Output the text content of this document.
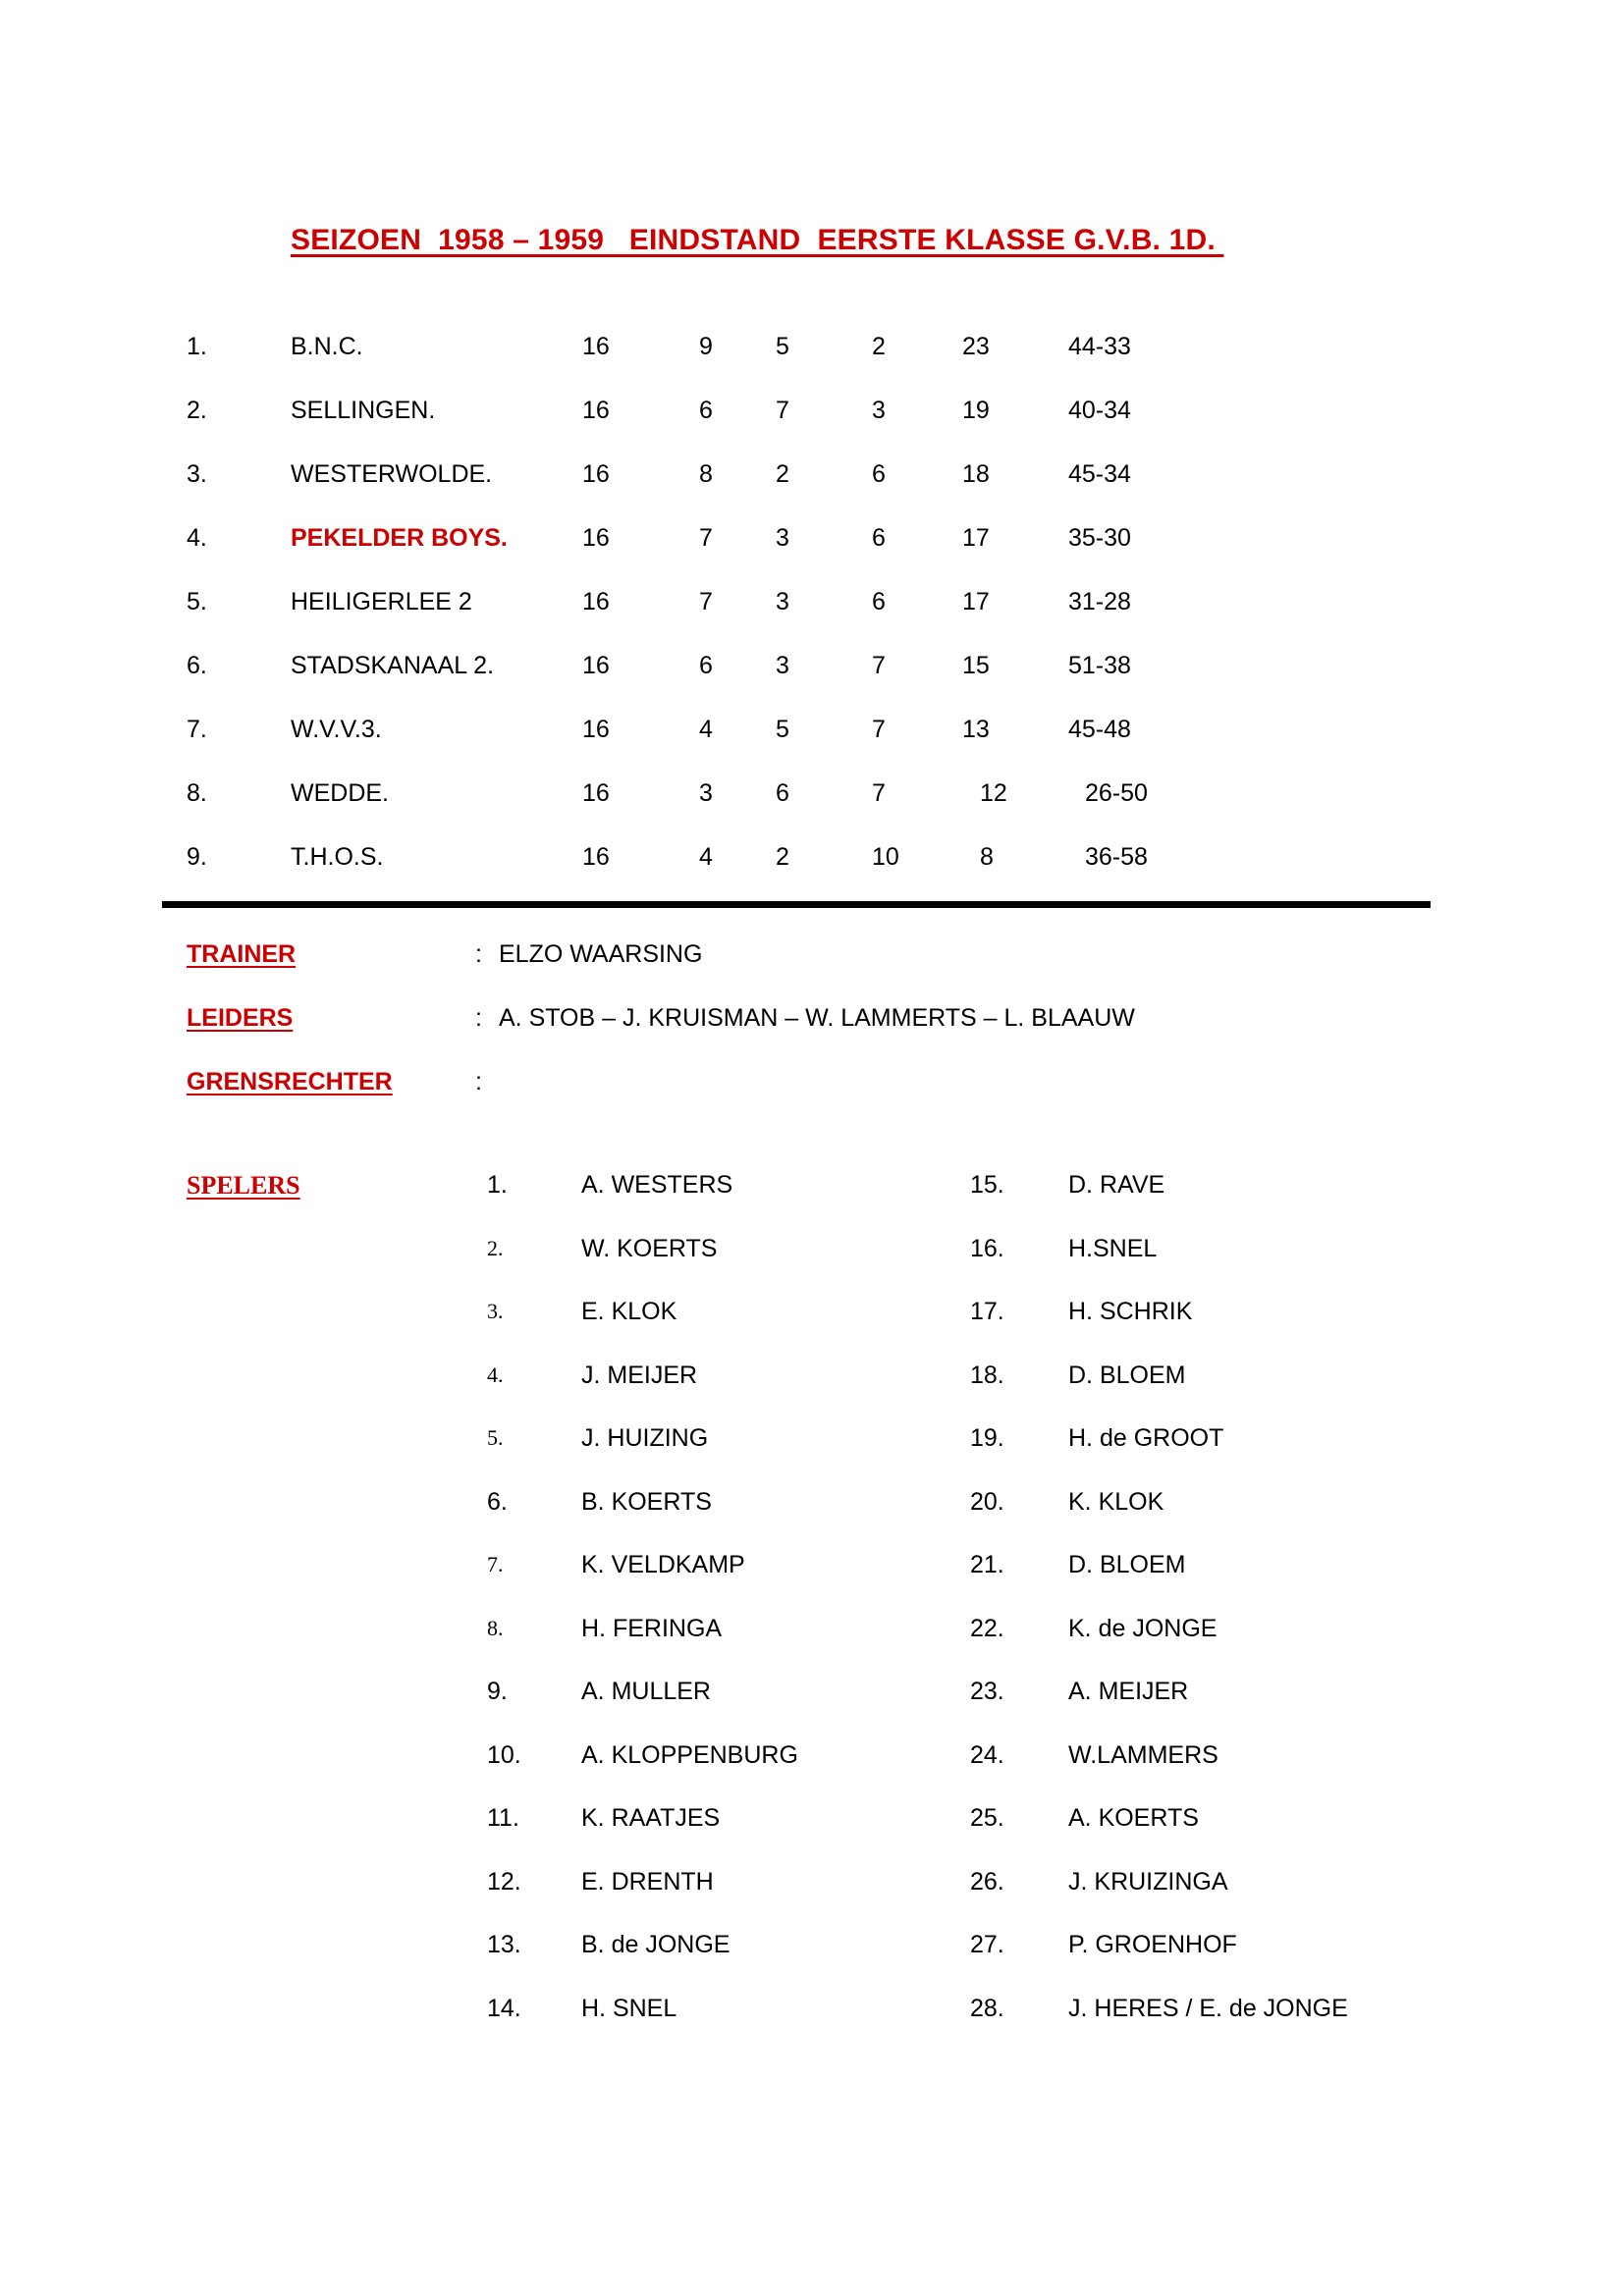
SEIZOEN  1958 – 1959   EINDSTAND  EERSTE KLASSE G.V.B. 1D.
1.	B.N.C.	16	9	5	2	23	44-33
2.	SELLINGEN.	16	6	7	3	19	40-34
3.	WESTERWOLDE.	16	8	2	6	18	45-34
4.	PEKELDER BOYS.	16	7	3	6	17	35-30
5.	HEILIGERLEE 2	16	7	3	6	17	31-28
6.	STADSKANAAL 2.	16	6	3	7	15	51-38
7.	W.V.V.3.	16	4	5	7	13	45-48
8.	WEDDE.	16	3	6	7	12	26-50
9.	T.H.O.S.	16	4	2	10	8	36-58
TRAINER	: ELZO WAARSING
LEIDERS	: A. STOB – J. KRUISMAN – W. LAMMERTS – L. BLAAUW
GRENSRECHTER	:
SPELERS	1.	A. WESTERS	15.	D. RAVE
2.	W. KOERTS	16.	H.SNEL
3.	E. KLOK	17.	H. SCHRIK
4.	J. MEIJER	18.	D. BLOEM
5.	J. HUIZING	19.	H. de GROOT
6.	B. KOERTS	20.	K. KLOK
7.	K. VELDKAMP	21.	D. BLOEM
8.	H. FERINGA	22.	K. de JONGE
9.	A. MULLER	23.	A. MEIJER
10. A. KLOPPENBURG	24.	W.LAMMERS
11.	K. RAATJES	25.	A. KOERTS
12. E. DRENTH	26.	J. KRUIZINGA
13. B. de JONGE	27.	P. GROENHOF
14. H. SNEL	28.	J. HERES / E. de JONGE
